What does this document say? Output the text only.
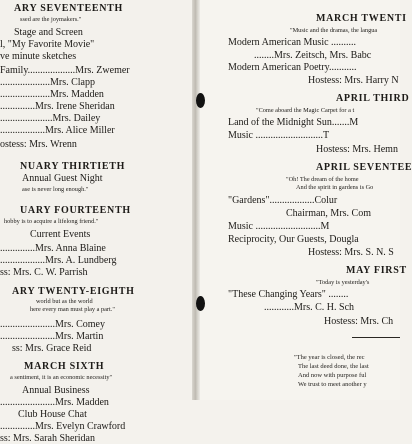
ARY SEVENTEENTH
ssed are the joymakers."
Stage and Screen
l, "My Favorite Movie"
ve minute sketches
Family...................Mrs. Zwemer
....................Mrs. Clapp
....................Mrs. Madden
..............Mrs. Irene Sheridan
.....................Mrs. Dailey
..................Mrs. Alice Miller
ostess: Mrs. Wrenn
NUARY THIRTIETH
Annual Guest Night
ase is never long enough."
UARY FOURTEENTH
hobby is to acquire a lifelong friend."
Current Events
..............Mrs. Anna Blaine
..................Mrs. A. Lundberg
ss: Mrs. C. W. Parrish
ARY TWENTY-EIGHTH
world but as the world
here every man must play a part."
......................Mrs. Comey
......................Mrs. Martin
ss: Mrs. Grace Reid
MARCH SIXTH
a sentiment, it is an economic necessity"
Annual Business
......................Mrs. Madden
Club House Chat
..............Mrs. Evelyn Crawford
ss: Mrs. Sarah Sheridan
MARCH TWENTI
"Music and the dramas, the langua
Modern American Music ..........
........Mrs. Zeitsch, Mrs. Babc
Modern American Poetry...........
Hostess: Mrs. Harry N
APRIL THIRD
"Come aboard the Magic Carpet for a t
Land of the Midnight Sun.......M
Music ...........................T
Hostess: Mrs. Hemn
APRIL SEVENTEE
"Oh! The dream of the home
And the spirit in gardens is Go
"Gardens"..................Colur
Chairman, Mrs. Com
Music ..........................M
Reciprocity, Our Guests, Dougla
Hostess: Mrs. S. N. S
MAY FIRST
"Today is yesterday's
"These Changing Years" ........
............Mrs. C. H. Sch
Hostess: Mrs. Ch
"The year is closed, the rec
The last deed done, the last
And now with purpose ful
We trust to meet another y
